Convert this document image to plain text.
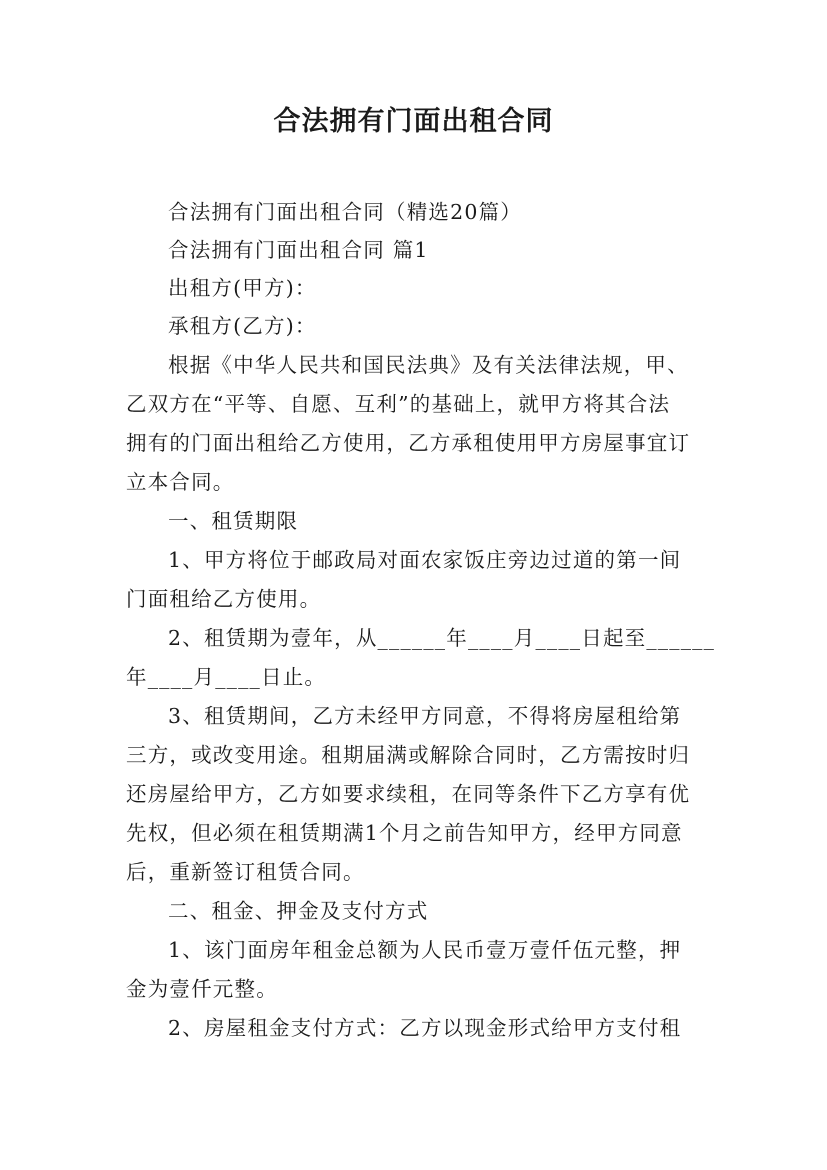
合法拥有门面出租合同
合法拥有门面出租合同（精选20篇）
合法拥有门面出租合同 篇1
出租方(甲方)：
承租方(乙方)：
根据《中华人民共和国民法典》及有关法律法规，甲、
乙双方在“平等、自愿、互利”的基础上，就甲方将其合法
拥有的门面出租给乙方使用，乙方承租使用甲方房屋事宜订
立本合同。
一、租赁期限
1、甲方将位于邮政局对面农家饭庄旁边过道的第一间
门面租给乙方使用。
2、租赁期为壹年，从______年____月____日起至______
年____月____日止。
3、租赁期间，乙方未经甲方同意，不得将房屋租给第
三方，或改变用途。租期届满或解除合同时，乙方需按时归
还房屋给甲方，乙方如要求续租，在同等条件下乙方享有优
先权，但必须在租赁期满1个月之前告知甲方，经甲方同意
后，重新签订租赁合同。
二、租金、押金及支付方式
1、该门面房年租金总额为人民币壹万壹仟伍元整，押
金为壹仟元整。
2、房屋租金支付方式：乙方以现金形式给甲方支付租
